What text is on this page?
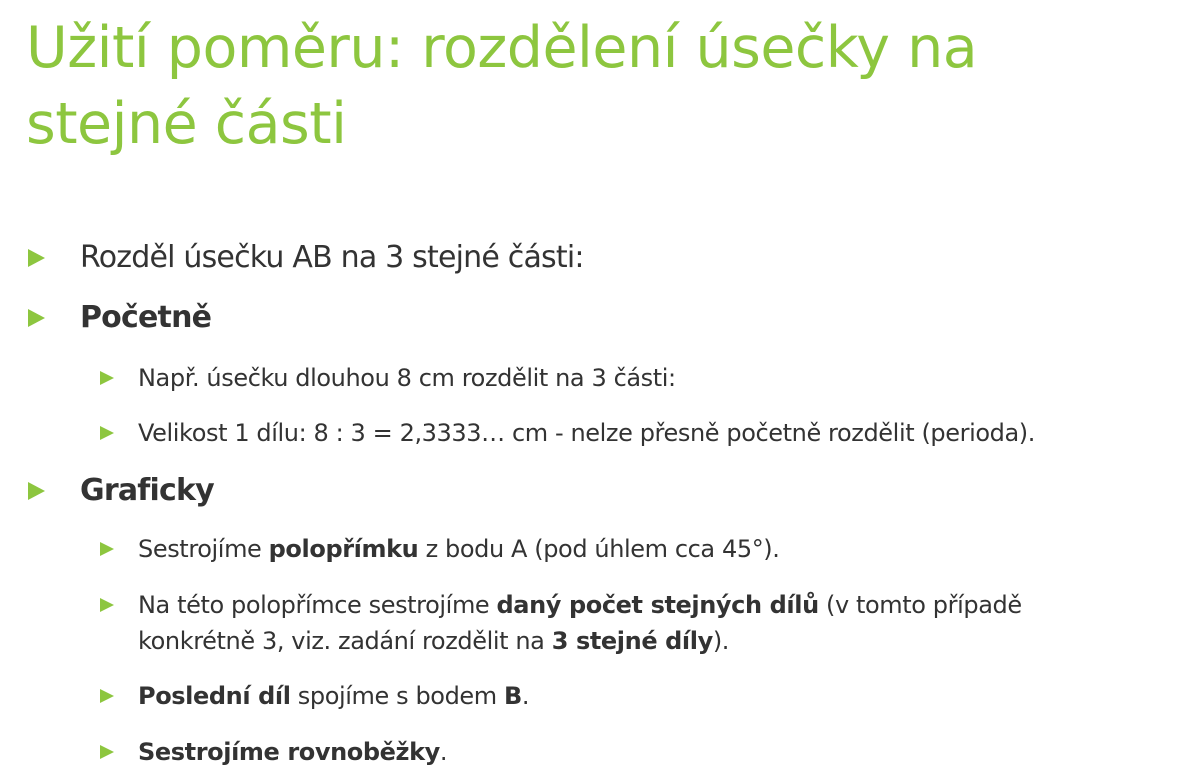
Užití poměru: rozdělení úsečky na
stejné části
Rozděl úsečku AB na 3 stejné části:
Početně
Např. úsečku dlouhou 8 cm rozdělit na 3 části:
Velikost 1 dílu: 8 : 3 = 2,3333… cm - nelze přesně početně rozdělit (perioda).
Graficky
Sestrojíme polopřímku z bodu A (pod úhlem cca 45°).
Na této polopřímce sestrojíme daný počet stejných dílů (v tomto případě
konkrétně 3, viz. zadání rozdělit na 3 stejné díly).
Poslední díl spojíme s bodem B.
Sestrojíme rovnoběžky.
